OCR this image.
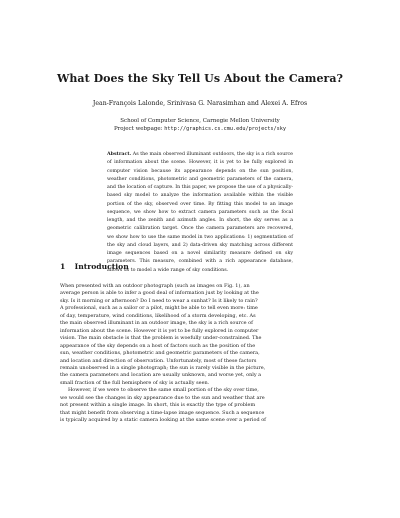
What Does the Sky Tell Us About the Camera?
Jean-François Lalonde, Srinivasa G. Narasimhan and Alexei A. Efros
School of Computer Science, Carnegie Mellon University
Project webpage: http://graphics.cs.cmu.edu/projects/sky
Abstract. As the main observed illuminant outdoors, the sky is a rich source of information about the scene. However, it is yet to be fully explored in computer vision because its appearance depends on the sun position, weather conditions, photometric and geometric parameters of the camera, and the location of capture. In this paper, we propose the use of a physically-based sky model to analyze the information available within the visible portion of the sky, observed over time. By fitting this model to an image sequence, we show how to extract camera parameters such as the focal length, and the zenith and azimuth angles. In short, the sky serves as a geometric calibration target. Once the camera parameters are recovered, we show how to use the same model in two applications: 1) segmentation of the sky and cloud layers, and 2) data-driven sky matching across different image sequences based on a novel similarity measure defined on sky parameters. This measure, combined with a rich appearance database, allows us to model a wide range of sky conditions.
1 Introduction
When presented with an outdoor photograph (such as images on Fig. 1), an
average person is able to infer a good deal of information just by looking at the
sky. Is it morning or afternoon? Do I need to wear a sunhat? Is it likely to rain?
A professional, such as a sailor or a pilot, might be able to tell even more: time
of day, temperature, wind conditions, likelihood of a storm developing, etc. As
the main observed illuminant in an outdoor image, the sky is a rich source of
information about the scene. However it is yet to be fully explored in computer
vision. The main obstacle is that the problem is woefully under-constrained. The
appearance of the sky depends on a host of factors such as the position of the
sun, weather conditions, photometric and geometric parameters of the camera,
and location and direction of observation. Unfortunately, most of these factors
remain unobserved in a single photograph; the sun is rarely visible in the picture,
the camera parameters and location are usually unknown, and worse yet, only a
small fraction of the full hemisphere of sky is actually seen.
However, if we were to observe the same small portion of the sky over time,
we would see the changes in sky appearance due to the sun and weather that are
not present within a single image. In short, this is exactly the type of problem
that might benefit from observing a time-lapse image sequence. Such a sequence
is typically acquired by a static camera looking at the same scene over a period of
